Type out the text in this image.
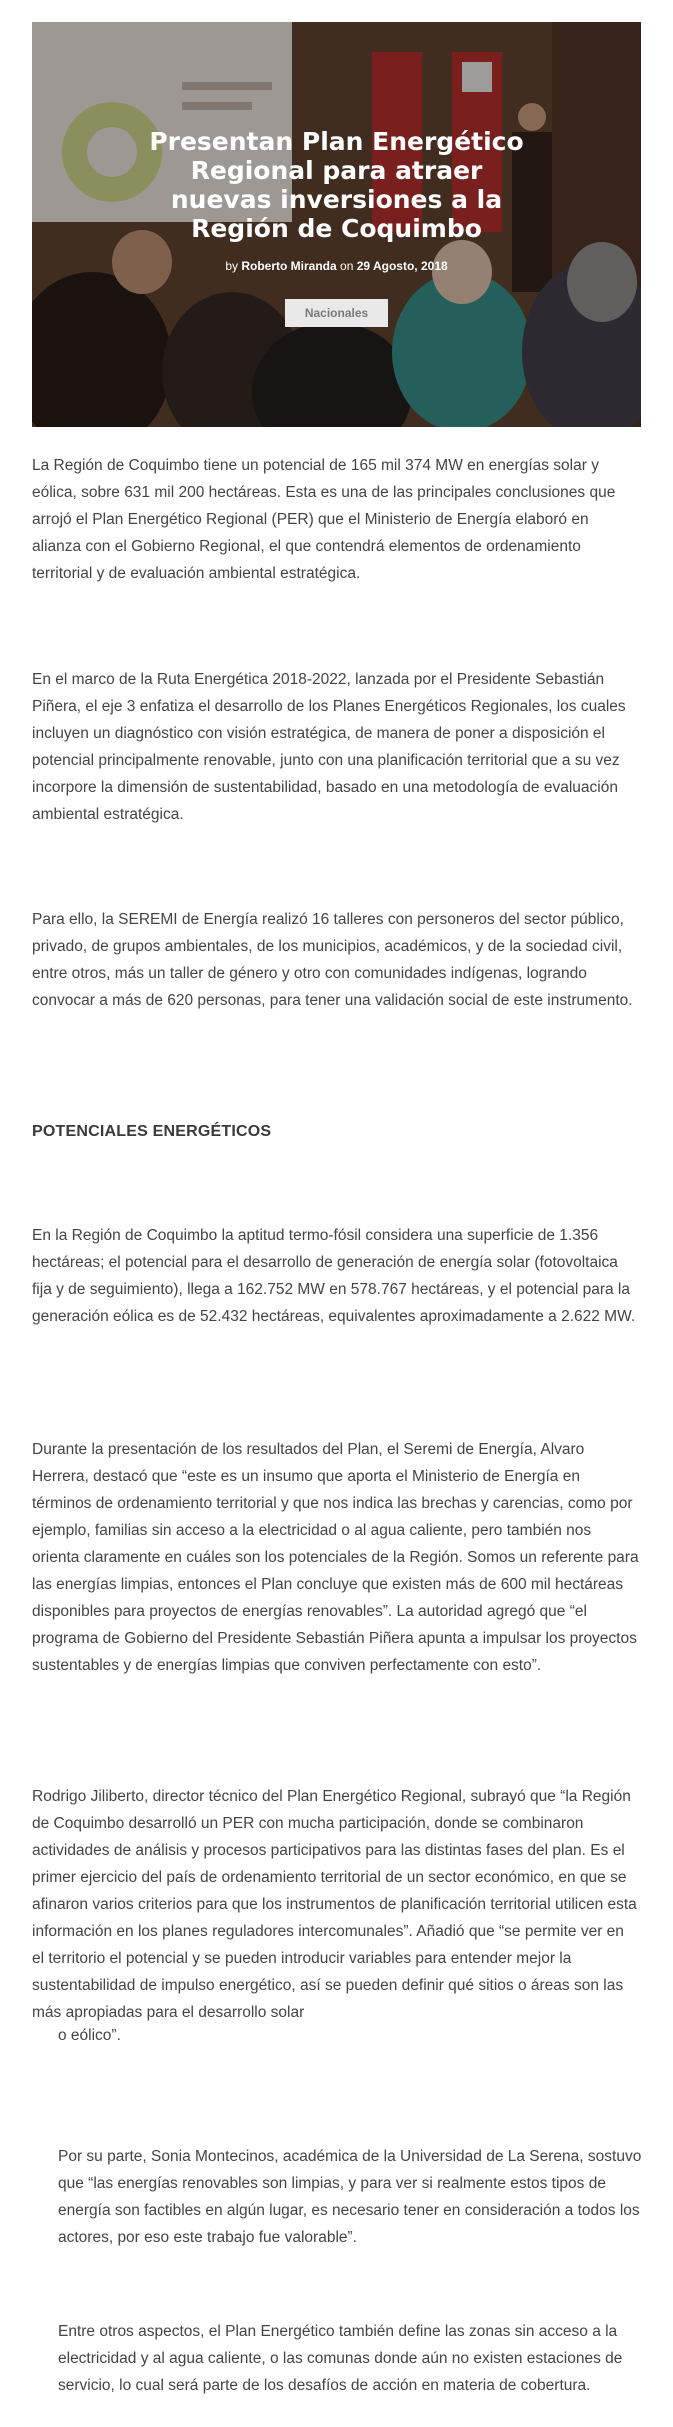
Presentan Plan Energético Regional para atraer nuevas inversiones a la Región de Coquimbo
by Roberto Miranda on 29 Agosto, 2018
Nacionales

La Región de Coquimbo tiene un potencial de 165 mil 374 MW en energías solar y eólica, sobre 631 mil 200 hectáreas. Esta es una de las principales conclusiones que arrojó el Plan Energético Regional (PER) que el Ministerio de Energía elaboró en alianza con el Gobierno Regional, el que contendrá elementos de ordenamiento territorial y de evaluación ambiental estratégica.

En el marco de la Ruta Energética 2018-2022, lanzada por el Presidente Sebastián Piñera, el eje 3 enfatiza el desarrollo de los Planes Energéticos Regionales, los cuales incluyen un diagnóstico con visión estratégica, de manera de poner a disposición el potencial principalmente renovable, junto con una planificación territorial que a su vez incorpore la dimensión de sustentabilidad, basado en una metodología de evaluación ambiental estratégica.

Para ello, la SEREMI de Energía realizó 16 talleres con personeros del sector público, privado, de grupos ambientales, de los municipios, académicos, y de la sociedad civil, entre otros, más un taller de género y otro con comunidades indígenas, logrando convocar a más de 620 personas, para tener una validación social de este instrumento.

POTENCIALES ENERGÉTICOS

En la Región de Coquimbo la aptitud termo-fósil considera una superficie de 1.356 hectáreas; el potencial para el desarrollo de generación de energía solar (fotovoltaica fija y de seguimiento), llega a 162.752 MW en 578.767 hectáreas, y el potencial para la generación eólica es de 52.432 hectáreas, equivalentes aproximadamente a 2.622 MW.

Durante la presentación de los resultados del Plan, el Seremi de Energía, Alvaro Herrera, destacó que “este es un insumo que aporta el Ministerio de Energía en términos de ordenamiento territorial y que nos indica las brechas y carencias, como por ejemplo, familias sin acceso a la electricidad o al agua caliente, pero también nos orienta claramente en cuáles son los potenciales de la Región. Somos un referente para las energías limpias, entonces el Plan concluye que existen más de 600 mil hectáreas disponibles para proyectos de energías renovables”. La autoridad agregó que “el programa de Gobierno del Presidente Sebastián Piñera apunta a impulsar los proyectos sustentables y de energías limpias que conviven perfectamente con esto”.

Rodrigo Jiliberto, director técnico del Plan Energético Regional, subrayó que “la Región de Coquimbo desarrolló un PER con mucha participación, donde se combinaron actividades de análisis y procesos participativos para las distintas fases del plan. Es el primer ejercicio del país de ordenamiento territorial de un sector económico, en que se afinaron varios criterios para que los instrumentos de planificación territorial utilicen esta información en los planes reguladores intercomunales”. Añadió que “se permite ver en el territorio el potencial y se pueden introducir variables para entender mejor la sustentabilidad de impulso energético, así se pueden definir qué sitios o áreas son las más apropiadas para el desarrollo solar

o eólico”.

Por su parte, Sonia Montecinos, académica de la Universidad de La Serena, sostuvo que “las energías renovables son limpias, y para ver si realmente estos tipos de energía son factibles en algún lugar, es necesario tener en consideración a todos los actores, por eso este trabajo fue valorable”.

Entre otros aspectos, el Plan Energético también define las zonas sin acceso a la electricidad y al agua caliente, o las comunas donde aún no existen estaciones de servicio, lo cual será parte de los desafíos de acción en materia de cobertura.
